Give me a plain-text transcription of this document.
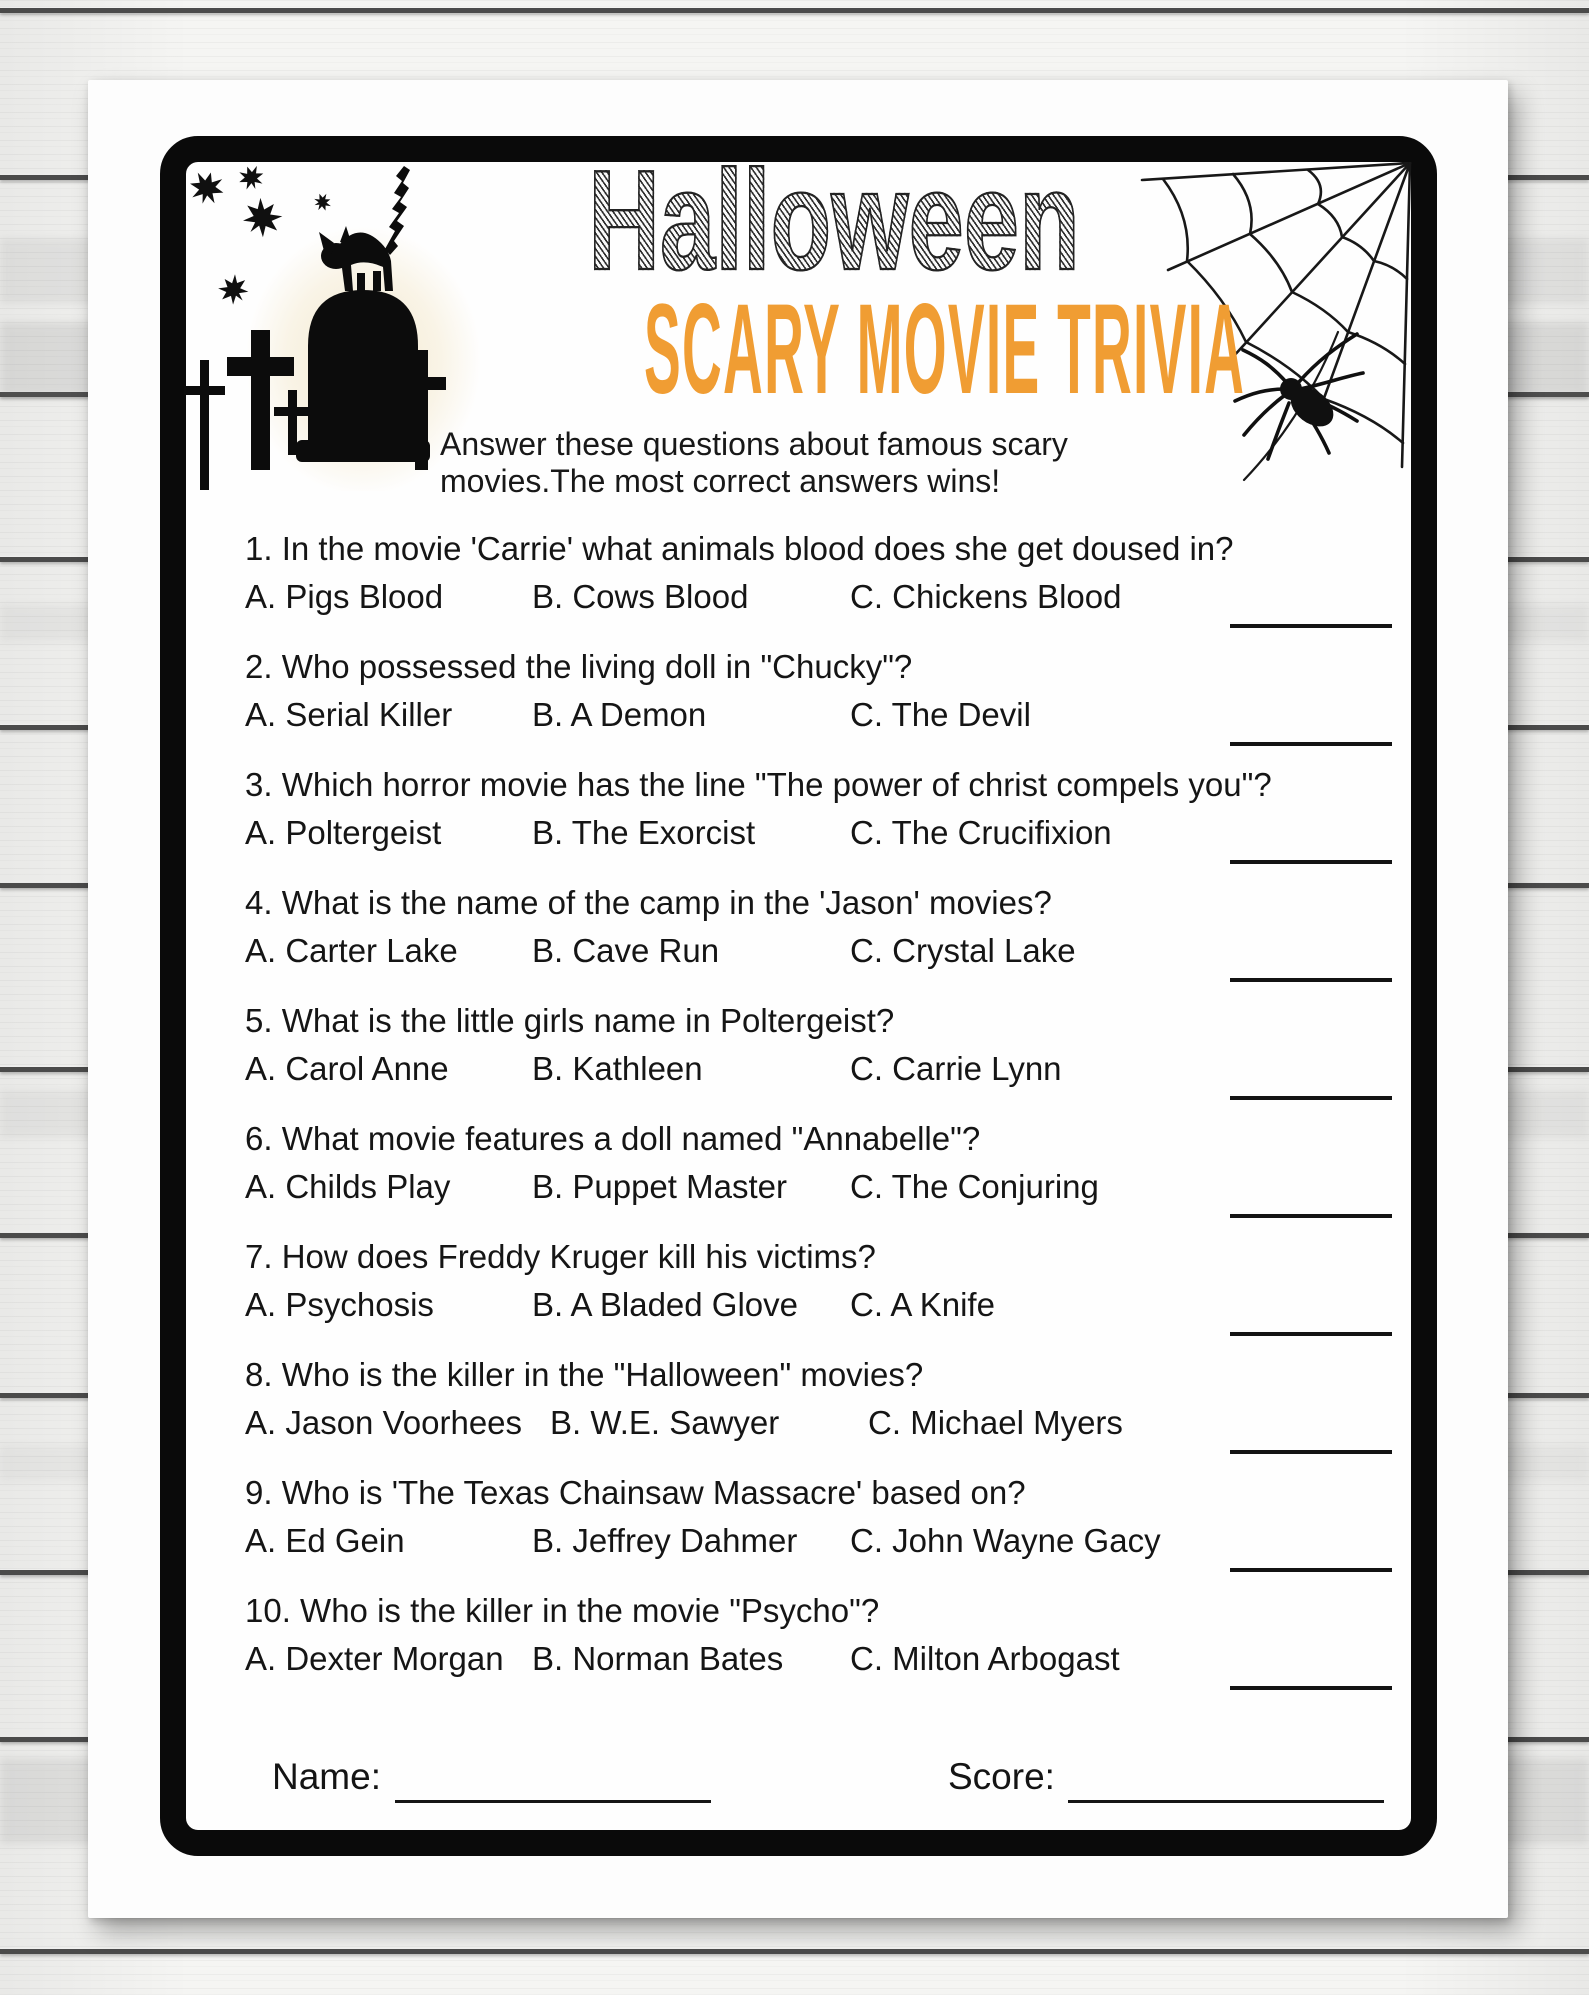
Halloween
SCARY MOVIE TRIVIA
Answer these questions about famous scary
movies.The most correct answers wins!
1. In the movie 'Carrie' what animals blood does she get doused in?
A. Pigs Blood	B. Cows Blood	C. Chickens Blood
2. Who possessed the living doll in "Chucky"?
A. Serial Killer	B. A Demon	C. The Devil
3. Which horror movie has the line "The power of christ compels you"?
A. Poltergeist	B. The Exorcist	C. The Crucifixion
4. What is the name of the camp in the 'Jason' movies?
A. Carter Lake	B. Cave Run	C. Crystal Lake
5. What is the little girls name in Poltergeist?
A. Carol Anne	B. Kathleen	C. Carrie Lynn
6. What movie features a doll named "Annabelle"?
A. Childs Play	B. Puppet Master	C. The Conjuring
7. How does Freddy Kruger kill his victims?
A. Psychosis	B. A Bladed Glove	C. A Knife
8. Who is the killer in the "Halloween" movies?
A. Jason Voorhees B. W.E. Sawyer	C. Michael Myers
9. Who is 'The Texas Chainsaw Massacre' based on?
A. Ed Gein	B. Jeffrey Dahmer	C. John Wayne Gacy
10. Who is the killer in the movie "Psycho"?
A. Dexter Morgan B. Norman Bates	C. Milton Arbogast
Name:	Score:
